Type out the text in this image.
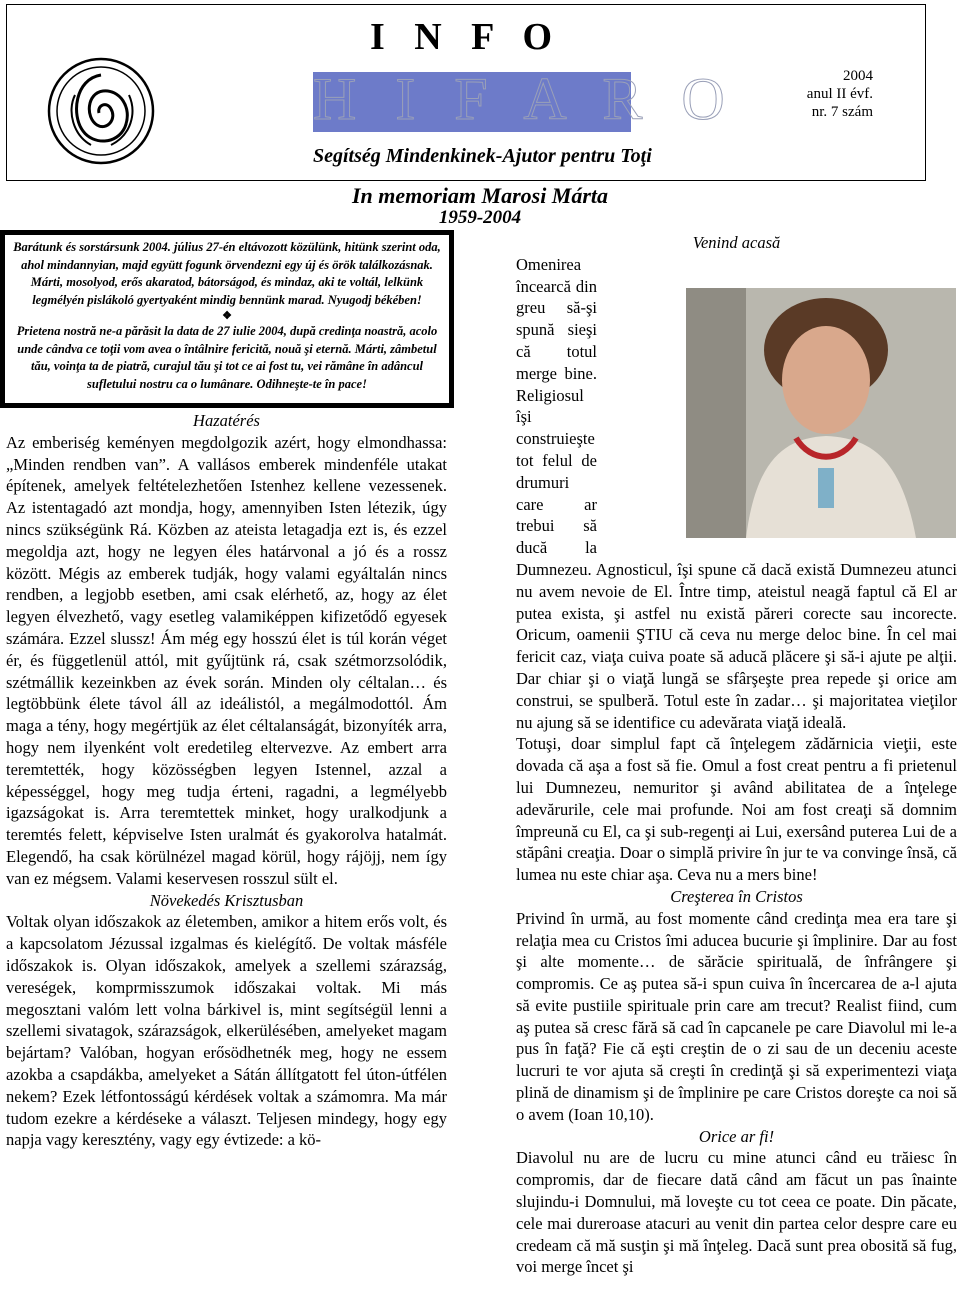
I N F O
H I F A R O
Segítség Mindenkinek-Ajutor pentru Toţi
2004
anul II évf.
nr. 7 szám
In memoriam Marosi Márta
1959-2004

Barátunk és sorstársunk 2004. július 27-én eltávozott közülünk, hitünk szerint oda, ahol mindannyian, majd együtt fogunk örvendezni egy új és örök találkozásnak. Márti, mosolyod, erős akaratod, bátorságod, és mindaz, aki te voltál, lelkünk legmélyén pislákoló gyertyaként mindig bennünk marad. Nyugodj békében!

❖

Prietena nostră ne-a părăsit la data de 27 iulie 2004, după credinţa noastră, acolo unde cândva ce toţii vom avea o întâlnire fericită, nouă şi eternă. Márti, zâmbetul tău, voinţa ta de piatră, curajul tău şi tot ce ai fost tu, vei rămâne în adâncul sufletului nostru ca o lumânare. Odihneşte-te în pace!

Hazatérés

Az emberiség keményen megdolgozik azért, hogy elmondhassa: „Minden rendben van”. A vallásos emberek mindenféle utakat építenek, amelyek feltételezhetően Istenhez kellene vezessenek. Az istentagadó azt mondja, hogy, amennyiben Isten létezik, úgy nincs szükségünk Rá. Közben az ateista letagadja ezt is, és ezzel megoldja azt, hogy ne legyen éles határvonal a jó és a rossz között. Mégis az emberek tudják, hogy valami egyáltalán nincs rendben, a legjobb esetben, ami csak elérhető, az, hogy az élet legyen élvezhető, vagy esetleg valamiképpen kifizetődő egyesek számára. Ezzel slussz! Ám még egy hosszú élet is túl korán véget ér, és függetlenül attól, mit gyűjtünk rá, csak szétmorzsolódik, szétmállik kezeinkben az évek során. Minden oly céltalan… és legtöbbünk élete távol áll az ideálistól, a megálmodottól. Ám maga a tény, hogy megértjük az élet céltalanságát, bizonyíték arra, hogy nem ilyenként volt eredetileg eltervezve. Az embert arra teremtették, hogy közösségben legyen Istennel, azzal a képességgel, hogy meg tudja érteni, ragadni, a legmélyebb igazságokat is. Arra teremtettek minket, hogy uralkodjunk a teremtés felett, képviselve Isten uralmát és gyakorolva hatalmát. Elegendő, ha csak körülnézel magad körül, hogy rájöjj, nem így van ez mégsem. Valami keservesen rosszul sült el.

Növekedés Krisztusban

Voltak olyan időszakok az életemben, amikor a hitem erős volt, és a kapcsolatom Jézussal izgalmas és kielégítő. De voltak másféle időszakok is. Olyan időszakok, amelyek a szellemi szárazság, vereségek, komprmisszumok időszakai voltak. Mi más megosztani valóm lett volna bárkivel is, mint segítségül lenni a szellemi sivatagok, szárazságok, elkerülésében, amelyeket magam bejártam? Valóban, hogyan erősödhetnék meg, hogy ne essem azokba a csapdákba, amelyeket a Sátán állítgatott fel úton-útfélen nekem? Ezek létfontosságú kérdések voltak a számomra. Ma már tudom ezekre a kérdéseke a választ. Teljesen mindegy, hogy egy napja vagy keresztény, vagy egy évtizede: a kö-

Venind acasă

Omenirea încearcă din greu să-şi spună sieşi că totul merge bine. Religiosul îşi construieşte tot felul de drumuri care ar trebui să ducă la Dumnezeu. Agnosticul, îşi spune că dacă există Dumnezeu atunci nu avem nevoie de El. Între timp, ateistul neagă faptul că El ar putea exista, şi astfel nu există păreri corecte sau incorecte. Oricum, oamenii ŞTIU că ceva nu merge deloc bine. În cel mai fericit caz, viaţa cuiva poate să aducă plăcere şi să-i ajute pe alţii. Dar chiar şi o viaţă lungă se sfârşeşte prea repede şi orice am construi, se spulberă. Totul este în zadar… şi majoritatea vieţilor nu ajung să se identifice cu adevărata viaţă ideală.

Totuşi, doar simplul fapt că înţelegem zădărnicia vieţii, este dovada că aşa a fost să fie. Omul a fost creat pentru a fi prietenul lui Dumnezeu, nemuritor şi având abilitatea de a înţelege adevărurile, cele mai profunde. Noi am fost creaţi să domnim împreună cu El, ca şi sub-regenţi ai Lui, exersând puterea Lui de a stăpâni creaţia. Doar o simplă privire în jur te va convinge însă, că lumea nu este chiar aşa. Ceva nu a mers bine!

Creşterea în Cristos

Privind în urmă, au fost momente când credinţa mea era tare şi relaţia mea cu Cristos îmi aducea bucurie şi împlinire. Dar au fost şi alte momente… de sărăcie spirituală, de înfrângere şi compromis. Ce aş putea să-i spun cuiva în încercarea de a-l ajuta să evite pustiile spirituale prin care am trecut? Realist fiind, cum aş putea să cresc fără să cad în capcanele pe care Diavolul mi le-a pus în faţă? Fie că eşti creştin de o zi sau de un deceniu aceste lucruri te vor ajuta să creşti în credinţă şi să experimentezi viaţa plină de dinamism şi de împlinire pe care Cristos doreşte ca noi să o avem (Ioan 10,10).

Orice ar fi!

Diavolul nu are de lucru cu mine atunci când eu trăiesc în compromis, dar de fiecare dată când am făcut un pas înainte slujindu-i Domnului, mă loveşte cu tot ceea ce poate. Din păcate, cele mai dureroase atacuri au venit din partea celor despre care eu credeam că mă susţin şi mă înţeleg. Dacă sunt prea obosită să fug, voi merge încet şi
